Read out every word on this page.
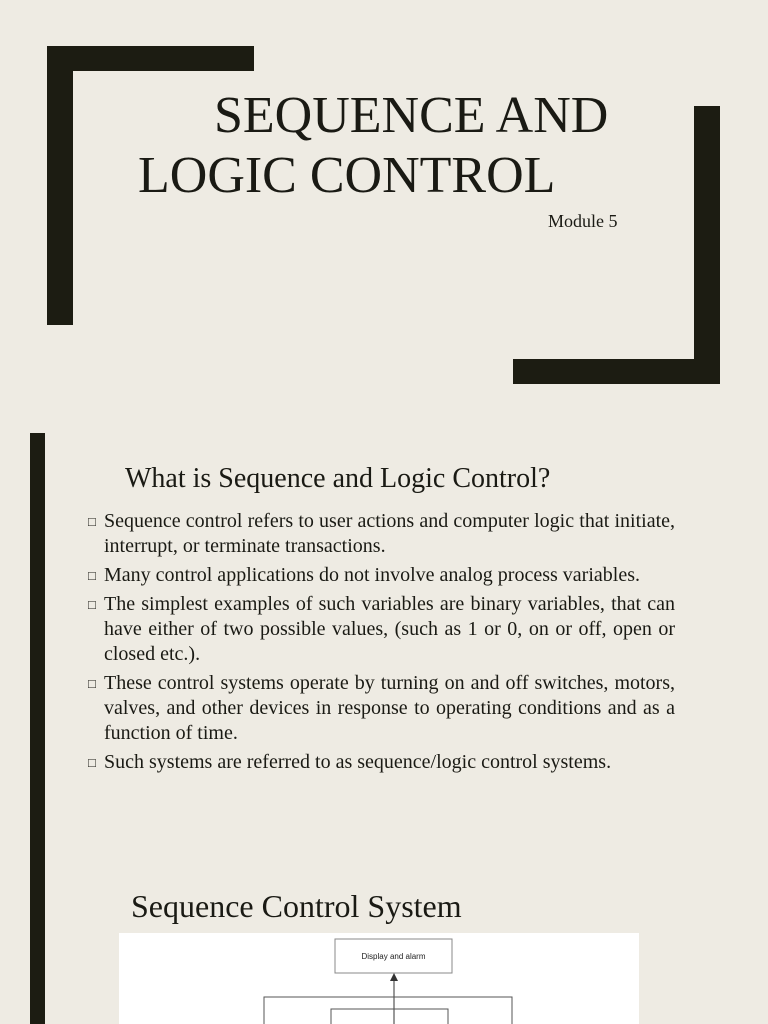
SEQUENCE AND
LOGIC CONTROL
Module 5
What is Sequence and Logic Control?
□ Sequence control refers to user actions and computer logic that initiate, interrupt, or terminate transactions.
□ Many control applications do not involve analog process variables.
□ The simplest examples of such variables are binary variables, that can have either of two possible values, (such as 1 or 0, on or off, open or closed etc.).
□ These control systems operate by turning on and off switches, motors, valves, and other devices in response to operating conditions and as a function of time.
□ Such systems are referred to as sequence/logic control systems.
Sequence Control System
Display and alarm
